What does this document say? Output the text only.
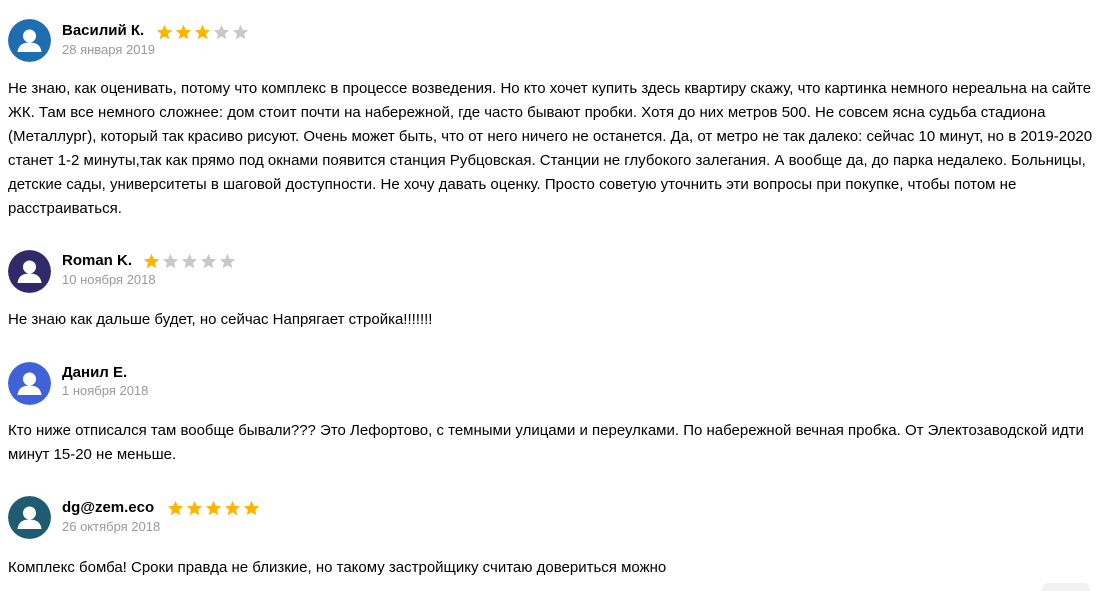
Василий К.
28 января 2019
Не знаю, как оценивать, потому что комплекс в процессе возведения. Но кто хочет купить здесь квартиру скажу, что картинка немного нереальна на сайте ЖК. Там все немного сложнее: дом стоит почти на набережной, где часто бывают пробки. Хотя до них метров 500. Не совсем ясна судьба стадиона (Металлург), который так красиво рисуют. Очень может быть, что от него ничего не останется. Да, от метро не так далеко: сейчас 10 минут, но в 2019-2020 станет 1-2 минуты,так как прямо под окнами появится станция Рубцовская. Станции не глубокого залегания. А вообще да, до парка недалеко. Больницы, детские сады, университеты в шаговой доступности. Не хочу давать оценку. Просто советую уточнить эти вопросы при покупке, чтобы потом не расстраиваться.
Roman K.
10 ноября 2018
Не знаю как дальше будет, но сейчас Напрягает стройка!!!!!!!
Данил Е.
1 ноября 2018
Кто ниже отписался там вообще бывали??? Это Лефортово, с темными улицами и переулками. По набережной вечная пробка. От Электозаводской идти минут 15-20 не меньше.
dg@zem.eco
26 октября 2018
Комплекс бомба! Сроки правда не близкие, но такому застройщику считаю довериться можно
